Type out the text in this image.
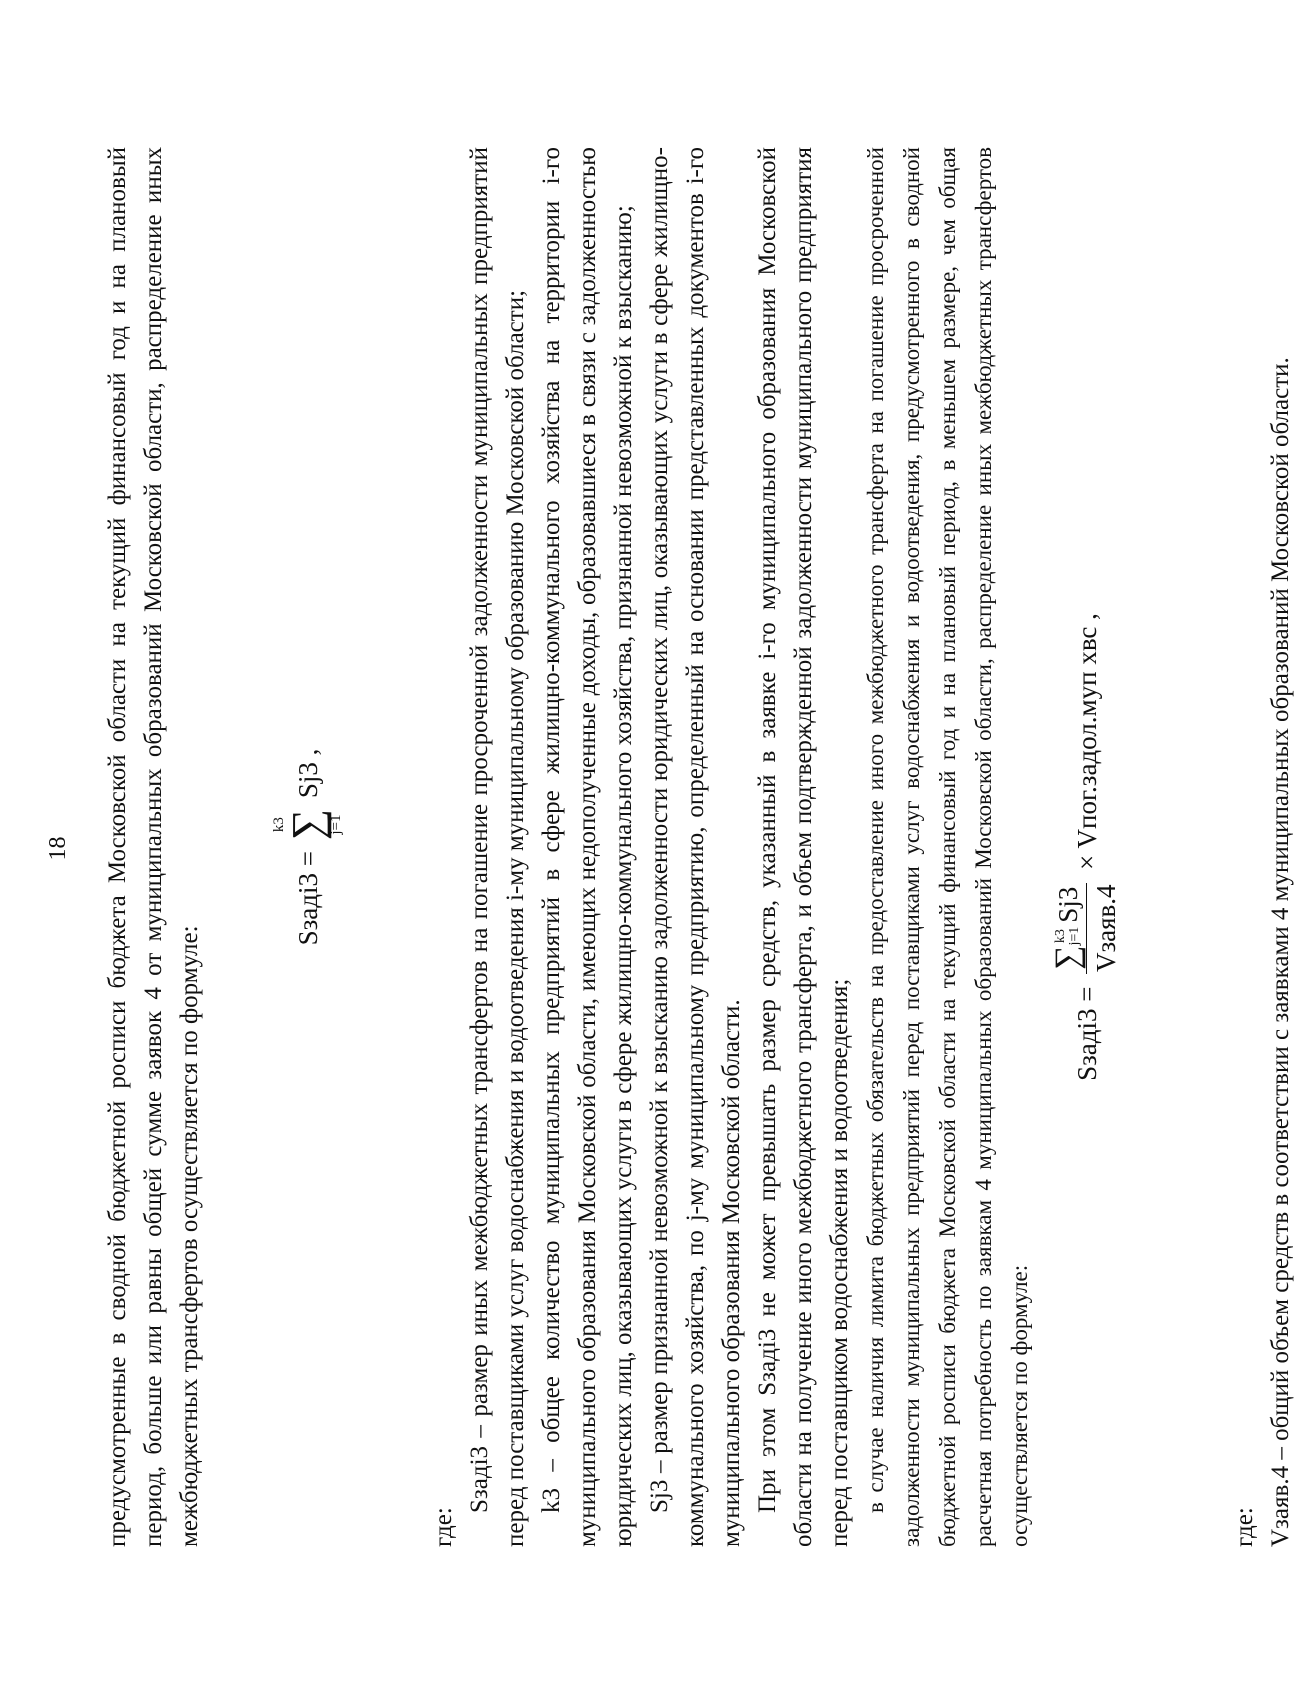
18 предусмотренные в сводной бюджетной росписи бюджета Московской области на текущий финансовый год и на плановый период, больше или равны общей сумме заявок 4 от муниципальных образований Московской области, распределение иных межбюджетных трансфертов осуществляется по формуле:

Sзадi3 =
k3
∑
j=1
Sj3 ,

где:

Sзадi3 – размер иных межбюджетных трансфертов на погашение просроченной задолженности муниципальных предприятий перед поставщиками услуг водоснабжения и водоотведения i-му муниципальному образованию Московской области; k3 – общее количество муниципальных предприятий в сфере жилищно-коммунального хозяйства на территории i-го муниципального образования Московской области, имеющих недополученные доходы, образовавшиеся в связи с задолженностью юридических лиц, оказывающих услуги в сфере жилищно-коммунального хозяйства, признанной невозможной к взысканию; Sj3 – размер признанной невозможной к взысканию задолженности юридических лиц, оказывающих услуги в сфере жилищно-коммунального хозяйства, по j-му муниципальному предприятию, определенный на основании представленных документов i-го муниципального образования Московской области. При этом Sзадi3 не может превышать размер средств, указанный в заявке i-го муниципального образования Московской области на получение иного межбюджетного трансферта, и объем подтвержденной задолженности муниципального предприятия перед поставщиком водоснабжения и водоотведения; в случае наличия лимита бюджетных обязательств на предоставление иного межбюджетного трансферта на погашение просроченной задолженности муниципальных предприятий перед поставщиками услуг водоснабжения и водоотведения, предусмотренного в сводной бюджетной росписи бюджета Московской области на текущий финансовый год и на плановый период, в меньшем размере, чем общая расчетная потребность по заявкам 4 муниципальных образований Московской области, распределение иных межбюджетных трансфертов осуществляется по формуле:

Sзадi3 =
∑
k3 j=1
Sj3 Vзаяв.4
× Vпог.задол.муп хвс ,

где: Vзаяв.4 – общий объем средств в соответствии с заявками 4 муниципальных образований Московской области.
